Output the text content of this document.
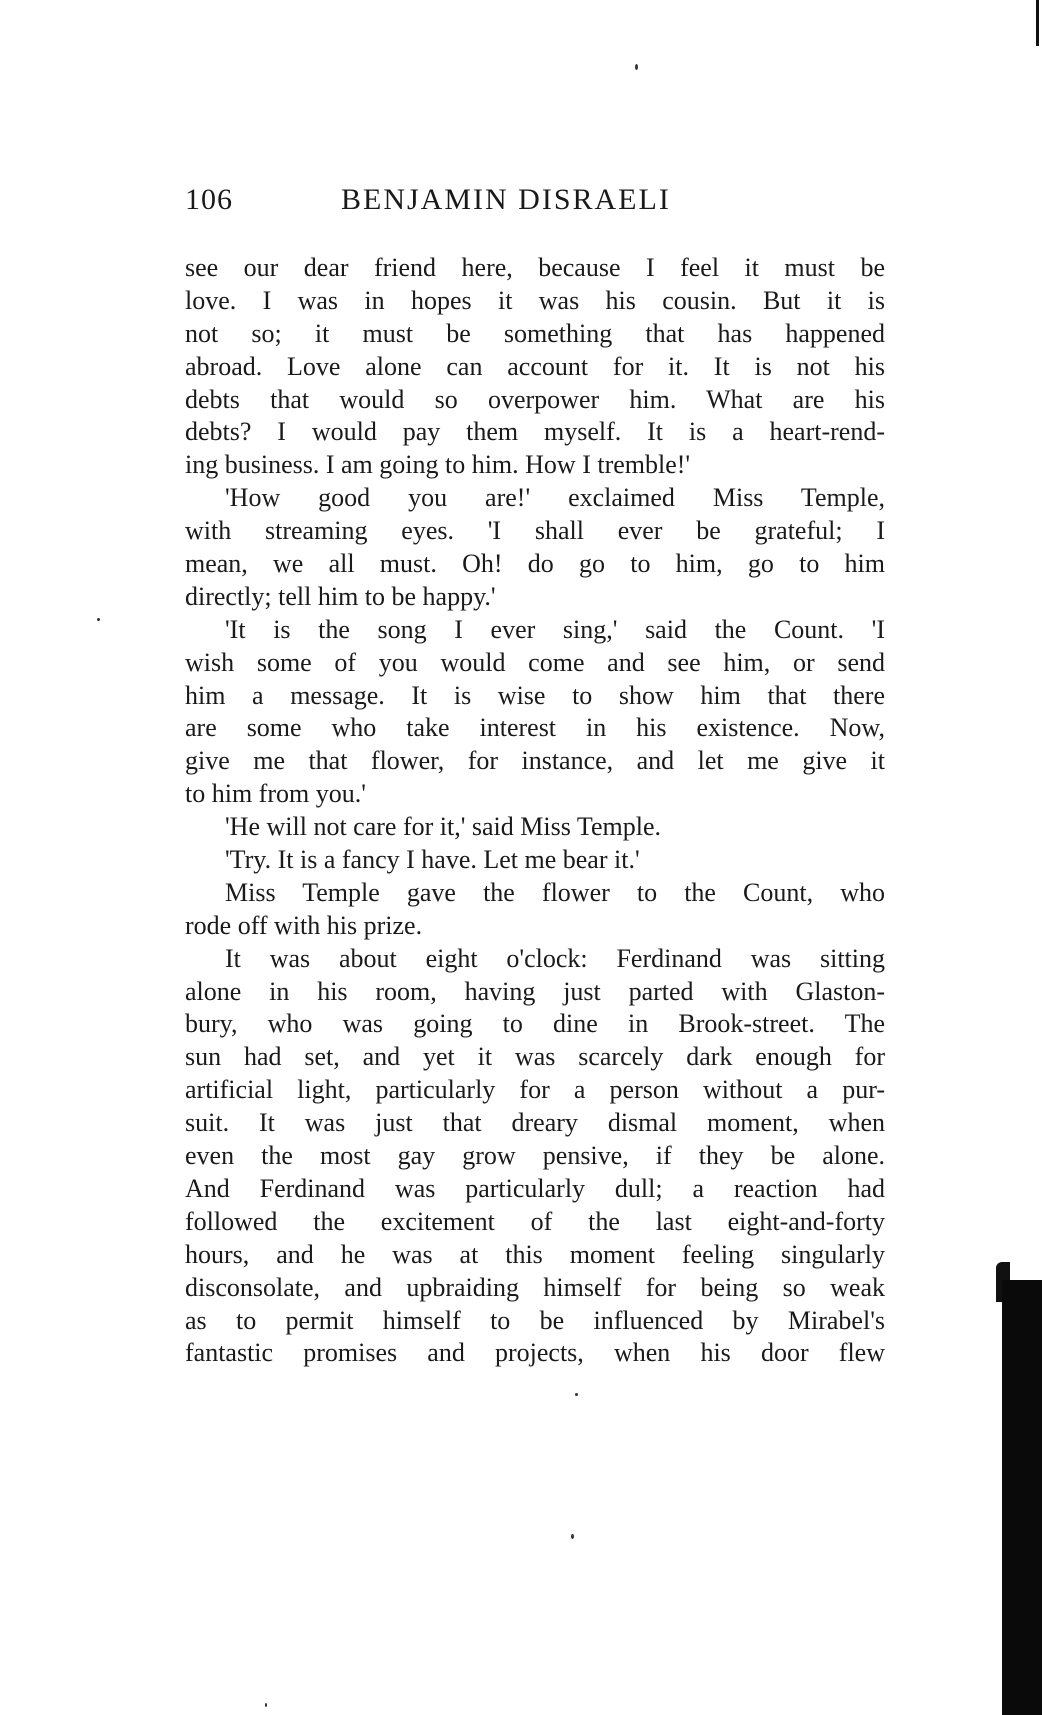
106	BENJAMIN DISRAELI
see our dear friend here, because I feel it must be
love. I was in hopes it was his cousin. But it is
not so; it must be something that has happened
abroad. Love alone can account for it. It is not his
debts that would so overpower him. What are his
debts? I would pay them myself. It is a heart-rend-
ing business. I am going to him. How I tremble!'
'How good you are!' exclaimed Miss Temple,
with streaming eyes. 'I shall ever be grateful; I
mean, we all must. Oh! do go to him, go to him
directly; tell him to be happy.'
'It is the song I ever sing,' said the Count. 'I
wish some of you would come and see him, or send
him a message. It is wise to show him that there
are some who take interest in his existence. Now,
give me that flower, for instance, and let me give it
to him from you.'
'He will not care for it,' said Miss Temple.
'Try. It is a fancy I have. Let me bear it.'
Miss Temple gave the flower to the Count, who
rode off with his prize.
It was about eight o'clock: Ferdinand was sitting
alone in his room, having just parted with Glaston-
bury, who was going to dine in Brook-street. The
sun had set, and yet it was scarcely dark enough for
artificial light, particularly for a person without a pur-
suit. It was just that dreary dismal moment, when
even the most gay grow pensive, if they be alone.
And Ferdinand was particularly dull; a reaction had
followed the excitement of the last eight-and-forty
hours, and he was at this moment feeling singularly
disconsolate, and upbraiding himself for being so weak
as to permit himself to be influenced by Mirabel's
fantastic promises and projects, when his door flew
